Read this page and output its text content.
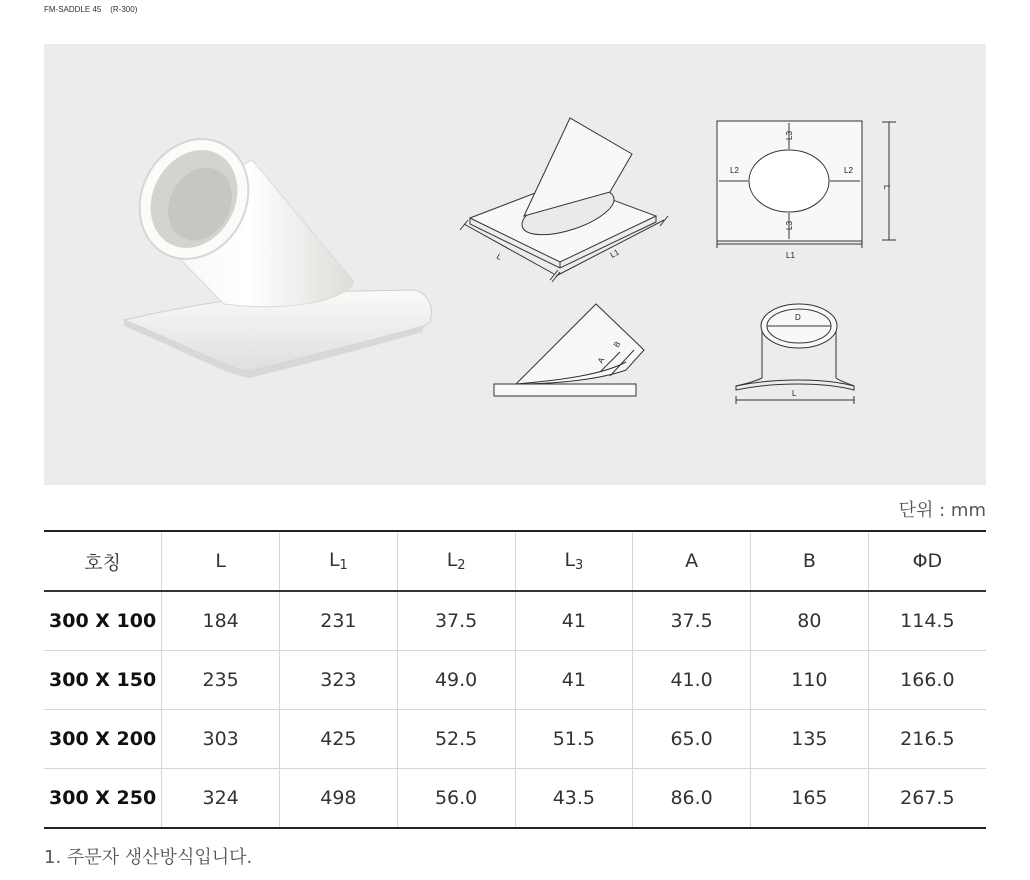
FM-SADDLE 45    (R-300)
L	L1
L3
L3
L2	L2
L
L1
A
B
D
L
단위 : mm
호칭	L	$L_1$	$L_2$	$L_3$	A	B	ΦD
300 X 100	184	231	37.5	41	37.5	80	114.5
300 X 150	235	323	49.0	41	41.0	110	166.0
300 X 200	303	425	52.5	51.5	65.0	135	216.5
300 X 250	324	498	56.0	43.5	86.0	165	267.5
1. 주문자 생산방식입니다.
